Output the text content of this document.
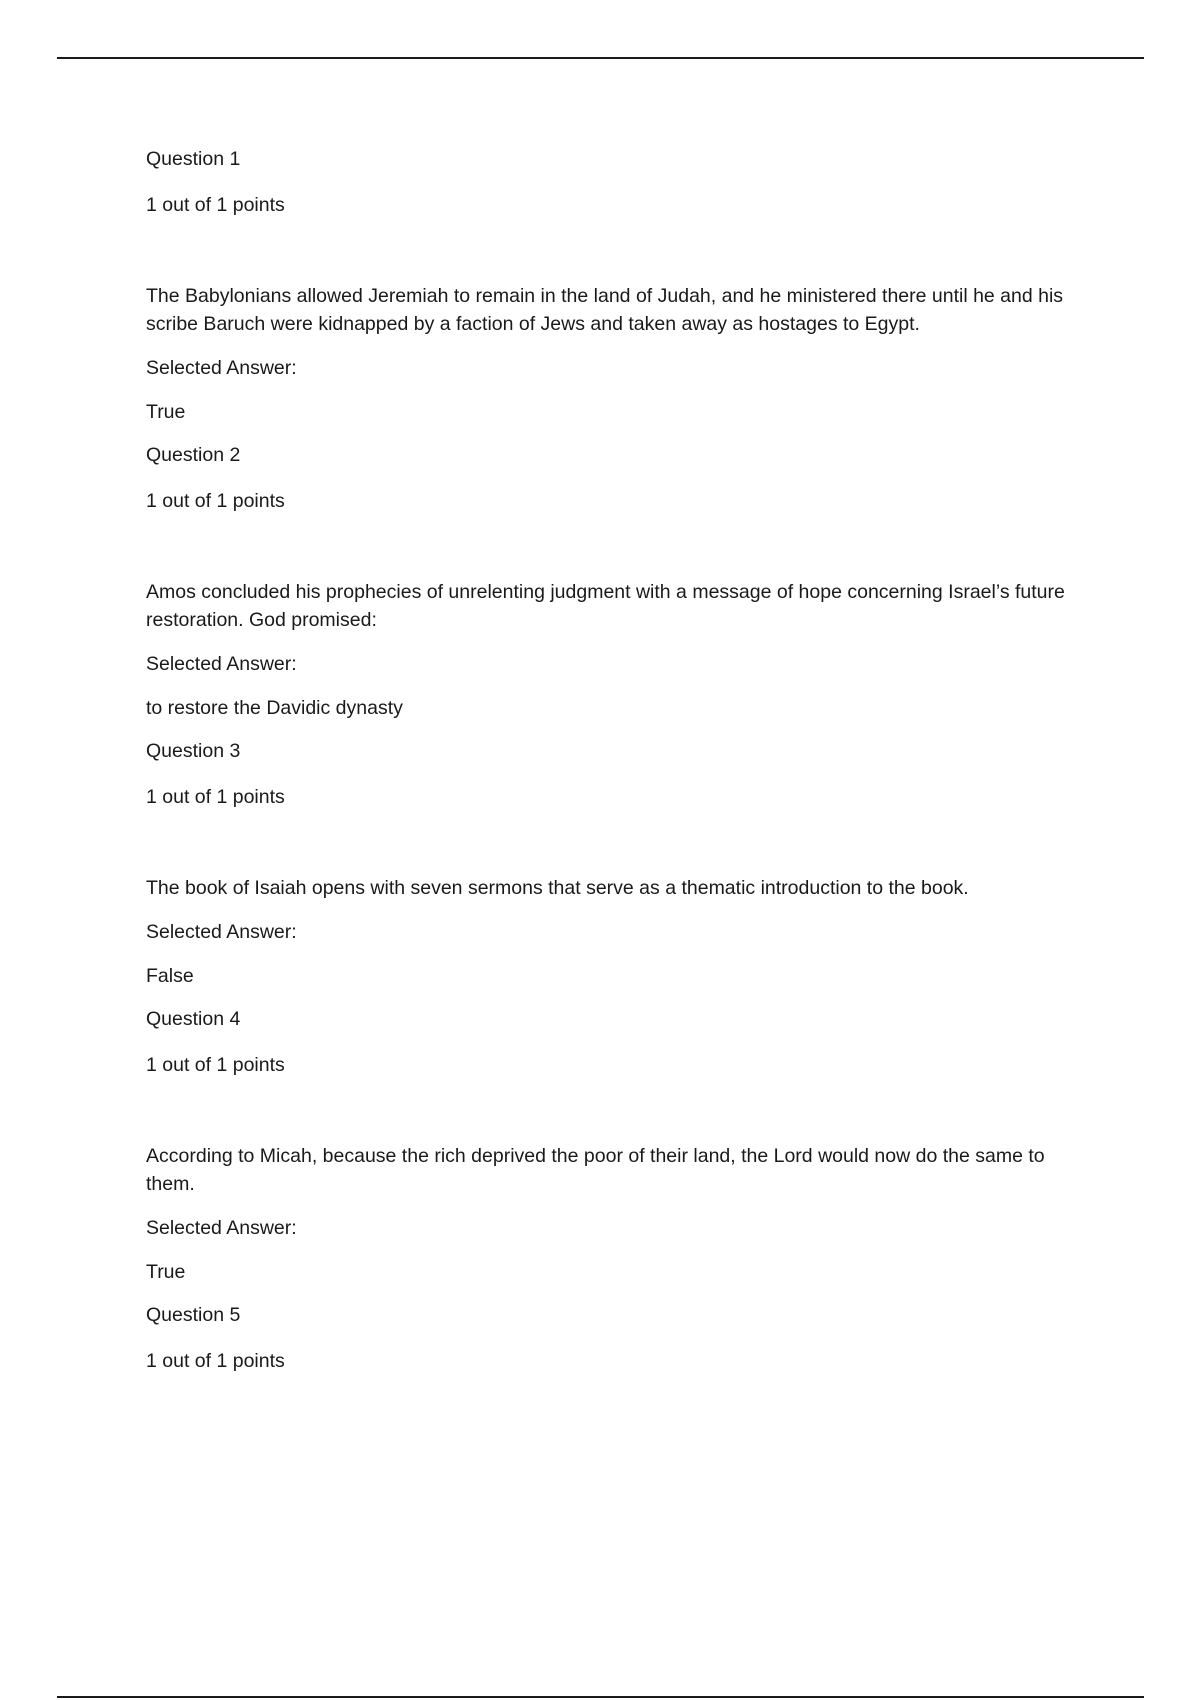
Question 1

1 out of 1 points

The Babylonians allowed Jeremiah to remain in the land of Judah, and he ministered there until he and his scribe Baruch were kidnapped by a faction of Jews and taken away as hostages to Egypt.

Selected Answer:

True

Question 2

1 out of 1 points

Amos concluded his prophecies of unrelenting judgment with a message of hope concerning Israel’s future restoration. God promised:

Selected Answer:

to restore the Davidic dynasty

Question 3

1 out of 1 points

The book of Isaiah opens with seven sermons that serve as a thematic introduction to the book.

Selected Answer:

False

Question 4

1 out of 1 points

According to Micah, because the rich deprived the poor of their land, the Lord would now do the same to them.

Selected Answer:

True

Question 5

1 out of 1 points
